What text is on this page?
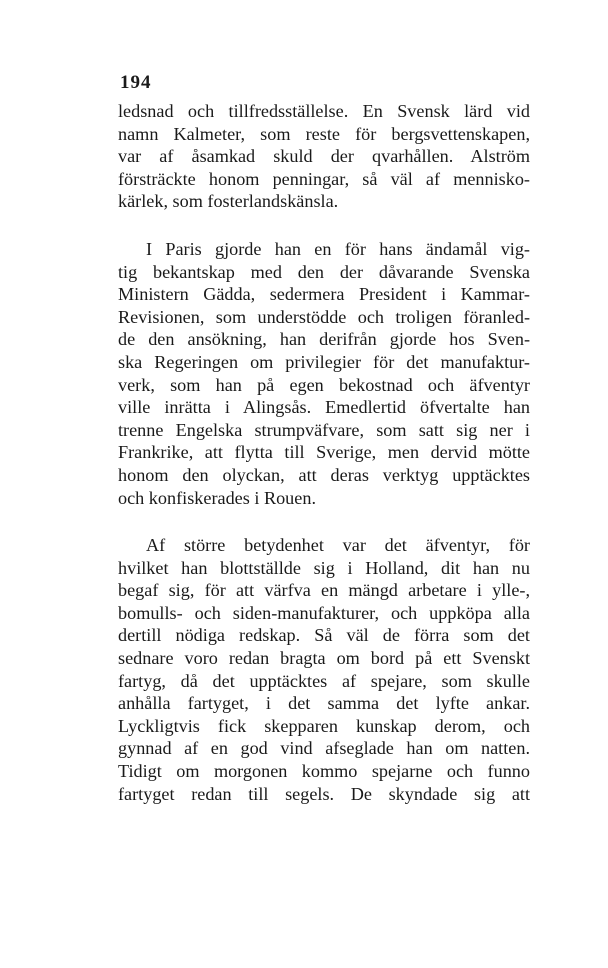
194
ledsnad och tillfredsställelse. En Svensk lärd vid
namn Kalmeter, som reste för bergsvettenskapen,
var af åsamkad skuld der qvarhållen. Alström
försträckte honom penningar, så väl af mennisko-
kärlek, som fosterlandskänsla.
I Paris gjorde han en för hans ändamål vig-
tig bekantskap med den der dåvarande Svenska
Ministern Gädda, sedermera President i Kammar-
Revisionen, som understödde och troligen föranled-
de den ansökning, han derifrån gjorde hos Sven-
ska Regeringen om privilegier för det manufaktur-
verk, som han på egen bekostnad och äfventyr
ville inrätta i Alingsås. Emedlertid öfvertalte han
trenne Engelska strumpväfvare, som satt sig ner i
Frankrike, att flytta till Sverige, men dervid mötte
honom den olyckan, att deras verktyg upptäcktes
och konfiskerades i Rouen.
Af större betydenhet var det äfventyr, för
hvilket han blottställde sig i Holland, dit han nu
begaf sig, för att värfva en mängd arbetare i ylle-,
bomulls- och siden-manufakturer, och uppköpa alla
dertill nödiga redskap. Så väl de förra som det
sednare voro redan bragta om bord på ett Svenskt
fartyg, då det upptäcktes af spejare, som skulle
anhålla fartyget, i det samma det lyfte ankar.
Lyckligtvis fick skepparen kunskap derom, och
gynnad af en god vind afseglade han om natten.
Tidigt om morgonen kommo spejarne och funno
fartyget redan till segels. De skyndade sig att
